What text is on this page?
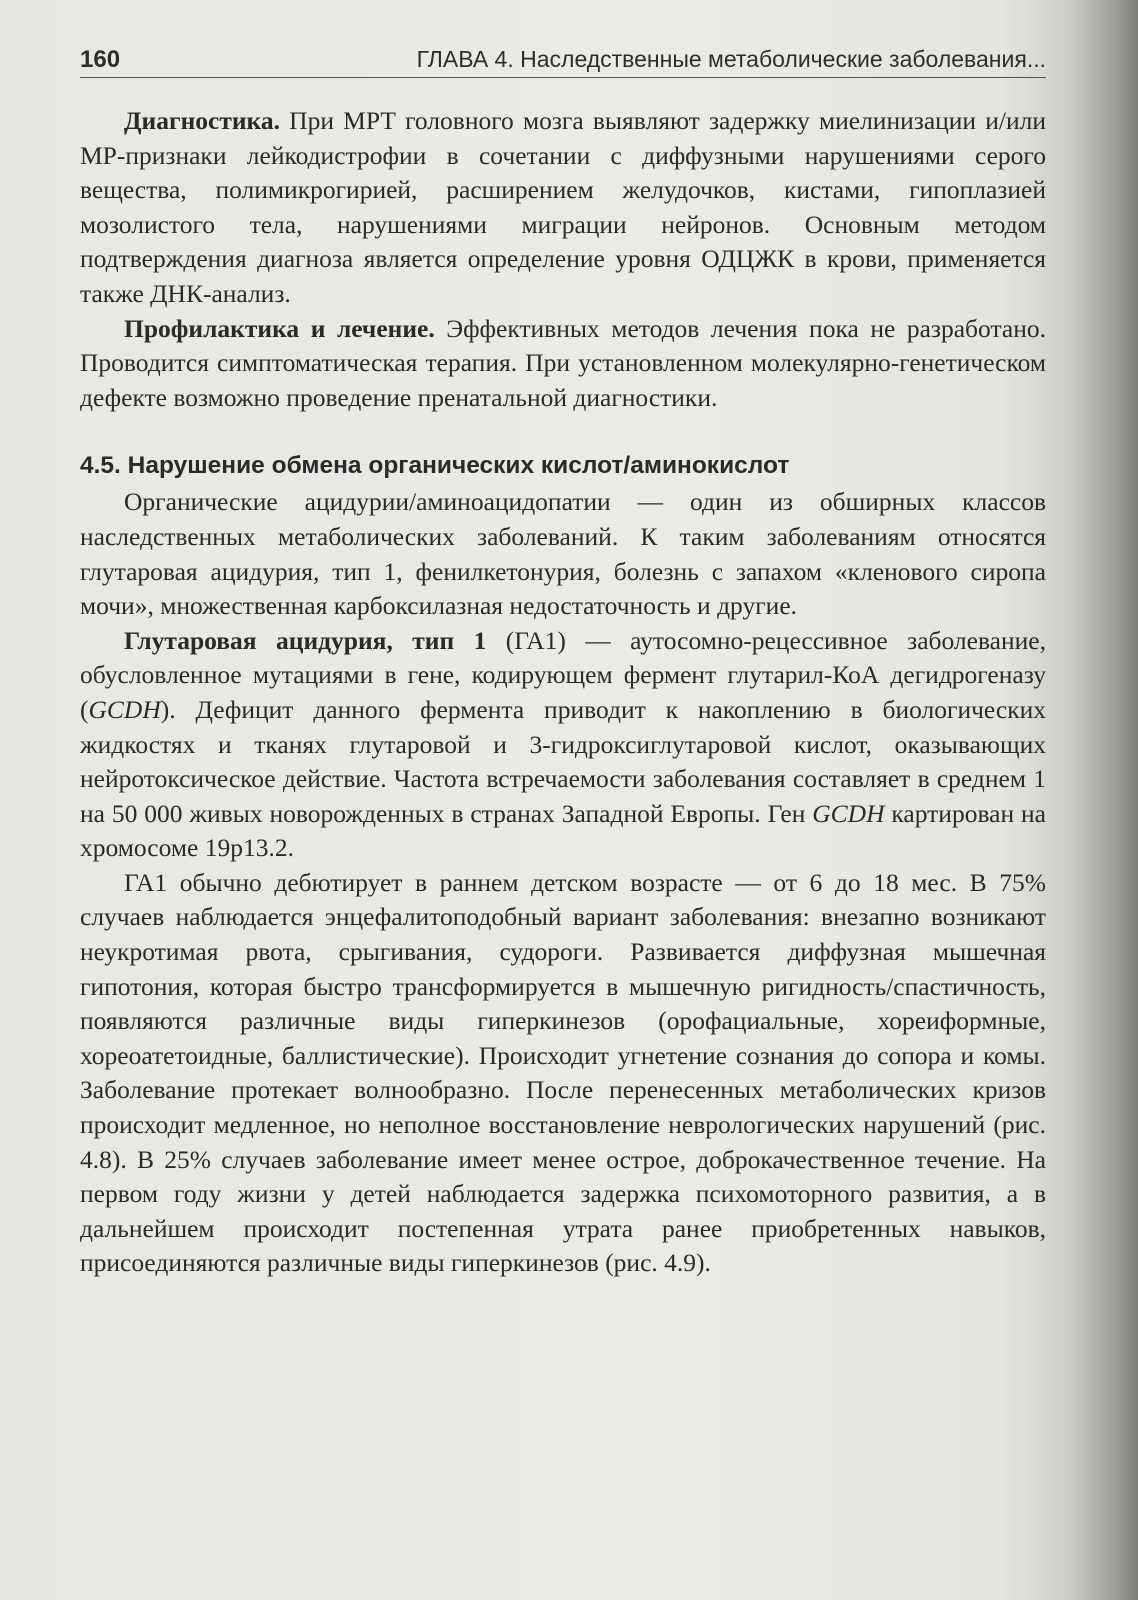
160	ГЛАВА 4. Наследственные метаболические заболевания...

Диагностика. При МРТ головного мозга выявляют задержку миелинизации и/или МР-признаки лейкодистрофии в сочетании с диффузными нарушениями серого вещества, полимикрогирией, расширением желудочков, кистами, гипоплазией мозолистого тела, нарушениями миграции нейронов. Основным методом подтверждения диагноза является определение уровня ОДЦЖК в крови, применяется также ДНК-анализ.

Профилактика и лечение. Эффективных методов лечения пока не разработано. Проводится симптоматическая терапия. При установленном молекулярно-генетическом дефекте возможно проведение пренатальной диагностики.

4.5. Нарушение обмена органических кислот/аминокислот

Органические ацидурии/аминоацидопатии — один из обширных классов наследственных метаболических заболеваний. К таким заболеваниям относятся глутаровая ацидурия, тип 1, фенилкетонурия, болезнь с запахом «кленового сиропа мочи», множественная карбоксилазная недостаточность и другие.

Глутаровая ацидурия, тип 1 (ГА1) — аутосомно-рецессивное заболевание, обусловленное мутациями в гене, кодирующем фермент глутарил-КоА дегидрогеназу (GCDH). Дефицит данного фермента приводит к накоплению в биологических жидкостях и тканях глутаровой и 3-гидроксиглутаровой кислот, оказывающих нейротоксическое действие. Частота встречаемости заболевания составляет в среднем 1 на 50 000 живых новорожденных в странах Западной Европы. Ген GCDH картирован на хромосоме 19p13.2.

ГА1 обычно дебютирует в раннем детском возрасте — от 6 до 18 мес. В 75% случаев наблюдается энцефалитоподобный вариант заболевания: внезапно возникают неукротимая рвота, срыгивания, судороги. Развивается диффузная мышечная гипотония, которая быстро трансформируется в мышечную ригидность/спастичность, появляются различные виды гиперкинезов (орофациальные, хореиформные, хореоатетоидные, баллистические). Происходит угнетение сознания до сопора и комы. Заболевание протекает волнообразно. После перенесенных метаболических кризов происходит медленное, но неполное восстановление неврологических нарушений (рис. 4.8). В 25% случаев заболевание имеет менее острое, доброкачественное течение. На первом году жизни у детей наблюдается задержка психомоторного развития, а в дальнейшем происходит постепенная утрата ранее приобретенных навыков, присоединяются различные виды гиперкинезов (рис. 4.9).
